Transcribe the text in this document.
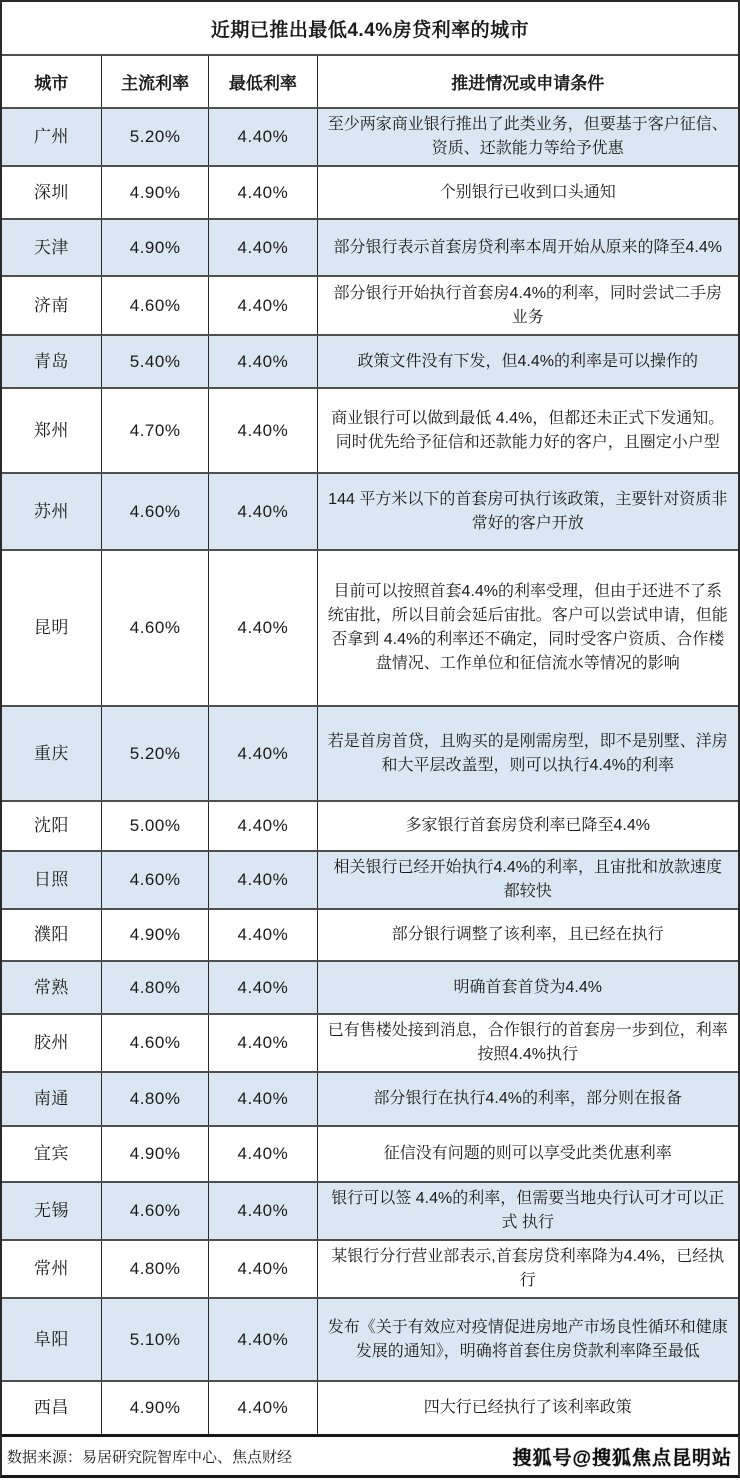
近期已推出最低4.4%房贷利率的城市
城市	主流利率	最低利率	推进情况或申请条件
广州	5.20%	4.40%	至少两家商业银行推出了此类业务，但要基于客户征信、资质、还款能力等给予优惠
深圳	4.90%	4.40%	个别银行已收到口头通知
天津	4.90%	4.40%	部分银行表示首套房贷利率本周开始从原来的降至4.4%
济南	4.60%	4.40%	部分银行开始执行首套房4.4%的利率，同时尝试二手房业务
青岛	5.40%	4.40%	政策文件没有下发，但4.4%的利率是可以操作的
郑州	4.70%	4.40%	商业银行可以做到最低 4.4%，但都还未正式下发通知。同时优先给予征信和还款能力好的客户，且圈定小户型
苏州	4.60%	4.40%	144 平方米以下的首套房可执行该政策，主要针对资质非常好的客户开放
昆明	4.60%	4.40%	目前可以按照首套4.4%的利率受理，但由于还进不了系统宙批，所以目前会延后宙批。客户可以尝试申请，但能否拿到 4.4%的利率还不确定，同时受客户资质、合作楼盘情况、工作单位和征信流水等情况的影响
重庆	5.20%	4.40%	若是首房首贷，且购买的是刚需房型，即不是别墅、洋房和大平层改盖型，则可以执行4.4%的利率
沈阳	5.00%	4.40%	多家银行首套房贷利率已降至4.4%
日照	4.60%	4.40%	相关银行已经开始执行4.4%的利率，且宙批和放款速度都较快
濮阳	4.90%	4.40%	部分银行调整了该利率，且已经在执行
常熟	4.80%	4.40%	明确首套首贷为4.4%
胶州	4.60%	4.40%	已有售楼处接到消息，合作银行的首套房一步到位，利率按照4.4%执行
南通	4.80%	4.40%	部分银行在执行4.4%的利率，部分则在报备
宜宾	4.90%	4.40%	征信没有问题的则可以享受此类优惠利率
无锡	4.60%	4.40%	银行可以签 4.4%的利率，但需要当地央行认可才可以正式 执行
常州	4.80%	4.40%	某银行分行营业部表示,首套房贷利率降为4.4%，已经执行
阜阳	5.10%	4.40%	发布《关于有效应对疫情促进房地产市场良性循环和健康发展的通知》，明确将首套住房贷款利率降至最低
西昌	4.90%	4.40%	四大行已经执行了该利率政策
数据来源：易居研究院智库中心、焦点财经	搜狐号@搜狐焦点昆明站
